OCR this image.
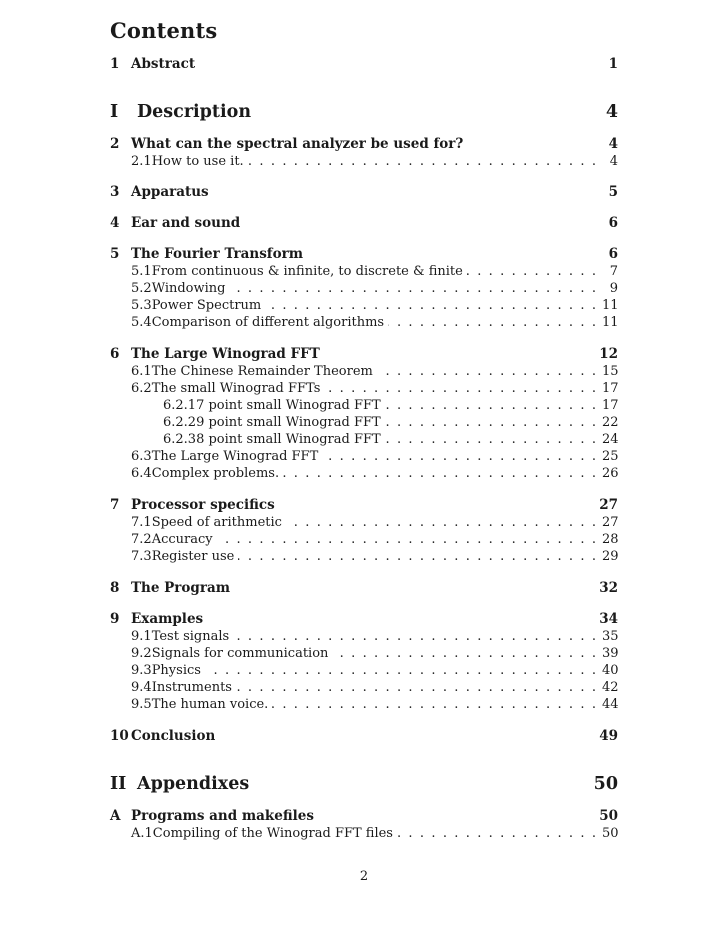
Contents
1 Abstract	1
I	Description	4
2 What can the spectral analyzer be used for?	4
2.1 How to use it. . . .	4
3 Apparatus	5
4 Ear and sound	6
5 The Fourier Transform	6
5.1 From continuous & infinite, to discrete & finite . . .	7
5.2 Windowing . . .	9
5.3 Power Spectrum . . .	11
5.4 Comparison of different algorithms . . .	11
6 The Large Winograd FFT	12
6.1 The Chinese Remainder Theorem . . .	15
6.2 The small Winograd FFTs . . .	17
6.2.1 7 point small Winograd FFT . . .	17
6.2.2 9 point small Winograd FFT . . .	22
6.2.3 8 point small Winograd FFT . . .	24
6.3 The Large Winograd FFT . . .	25
6.4 Complex problems. . . .	26
7 Processor specifics	27
7.1 Speed of arithmetic . . .	27
7.2 Accuracy . . .	28
7.3 Register use . . .	29
8 The Program	32
9 Examples	34
9.1 Test signals . . .	35
9.2 Signals for communication . . .	39
9.3 Physics . . .	40
9.4 Instruments . . .	42
9.5 The human voice. . . .	44
10 Conclusion	49
II Appendixes	50
A Programs and makefiles	50
A.1 Compiling of the Winograd FFT files . . .	50
2
